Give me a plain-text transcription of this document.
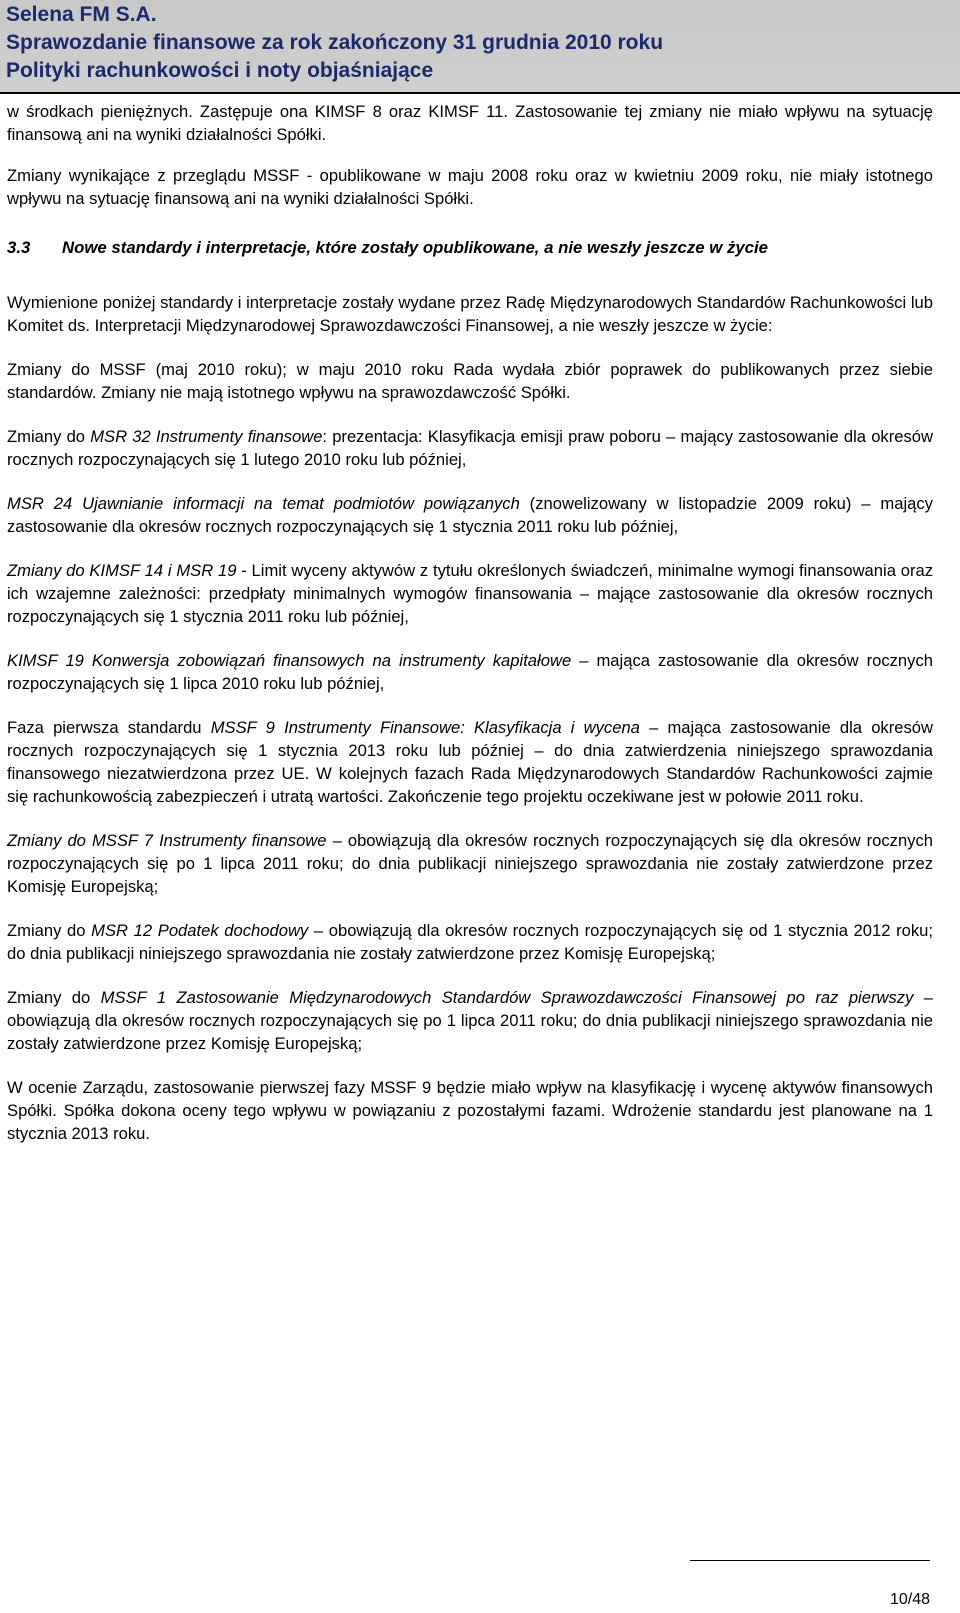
Selena FM S.A.
Sprawozdanie finansowe za rok zakończony 31 grudnia 2010 roku
Polityki rachunkowości i noty objaśniające

w środkach pieniężnych. Zastępuje ona KIMSF 8 oraz KIMSF 11. Zastosowanie tej zmiany nie miało wpływu na sytuację finansową ani na wyniki działalności Spółki.

Zmiany wynikające z przeglądu MSSF - opublikowane w maju 2008 roku oraz w kwietniu 2009 roku, nie miały istotnego wpływu na sytuację finansową ani na wyniki działalności Spółki.

3.3 Nowe standardy i interpretacje, które zostały opublikowane, a nie weszły jeszcze w życie

Wymienione poniżej standardy i interpretacje zostały wydane przez Radę Międzynarodowych Standardów Rachunkowości lub Komitet ds. Interpretacji Międzynarodowej Sprawozdawczości Finansowej, a nie weszły jeszcze w życie:

Zmiany do MSSF (maj 2010 roku); w maju 2010 roku Rada wydała zbiór poprawek do publikowanych przez siebie standardów. Zmiany nie mają istotnego wpływu na sprawozdawczość Spółki.

Zmiany do MSR 32 Instrumenty finansowe: prezentacja: Klasyfikacja emisji praw poboru – mający zastosowanie dla okresów rocznych rozpoczynających się 1 lutego 2010 roku lub później,

MSR 24 Ujawnianie informacji na temat podmiotów powiązanych (znowelizowany w listopadzie 2009 roku) – mający zastosowanie dla okresów rocznych rozpoczynających się 1 stycznia 2011 roku lub później,

Zmiany do KIMSF 14 i MSR 19 - Limit wyceny aktywów z tytułu określonych świadczeń, minimalne wymogi finansowania oraz ich wzajemne zależności: przedpłaty minimalnych wymogów finansowania – mające zastosowanie dla okresów rocznych rozpoczynających się 1 stycznia 2011 roku lub później,

KIMSF 19 Konwersja zobowiązań finansowych na instrumenty kapitałowe – mająca zastosowanie dla okresów rocznych rozpoczynających się 1 lipca 2010 roku lub później,

Faza pierwsza standardu MSSF 9 Instrumenty Finansowe: Klasyfikacja i wycena – mająca zastosowanie dla okresów rocznych rozpoczynających się 1 stycznia 2013 roku lub później – do dnia zatwierdzenia niniejszego sprawozdania finansowego niezatwierdzona przez UE. W kolejnych fazach Rada Międzynarodowych Standardów Rachunkowości zajmie się rachunkowością zabezpieczeń i utratą wartości. Zakończenie tego projektu oczekiwane jest w połowie 2011 roku.

Zmiany do MSSF 7 Instrumenty finansowe – obowiązują dla okresów rocznych rozpoczynających się dla okresów rocznych rozpoczynających się po 1 lipca 2011 roku; do dnia publikacji niniejszego sprawozdania nie zostały zatwierdzone przez Komisję Europejską;

Zmiany do MSR 12 Podatek dochodowy – obowiązują dla okresów rocznych rozpoczynających się od 1 stycznia 2012 roku; do dnia publikacji niniejszego sprawozdania nie zostały zatwierdzone przez Komisję Europejską;

Zmiany do MSSF 1 Zastosowanie Międzynarodowych Standardów Sprawozdawczości Finansowej po raz pierwszy – obowiązują dla okresów rocznych rozpoczynających się po 1 lipca 2011 roku; do dnia publikacji niniejszego sprawozdania nie zostały zatwierdzone przez Komisję Europejską;

W ocenie Zarządu, zastosowanie pierwszej fazy MSSF 9 będzie miało wpływ na klasyfikację i wycenę aktywów finansowych Spółki. Spółka dokona oceny tego wpływu w powiązaniu z pozostałymi fazami. Wdrożenie standardu jest planowane na 1 stycznia 2013 roku.

10/48
